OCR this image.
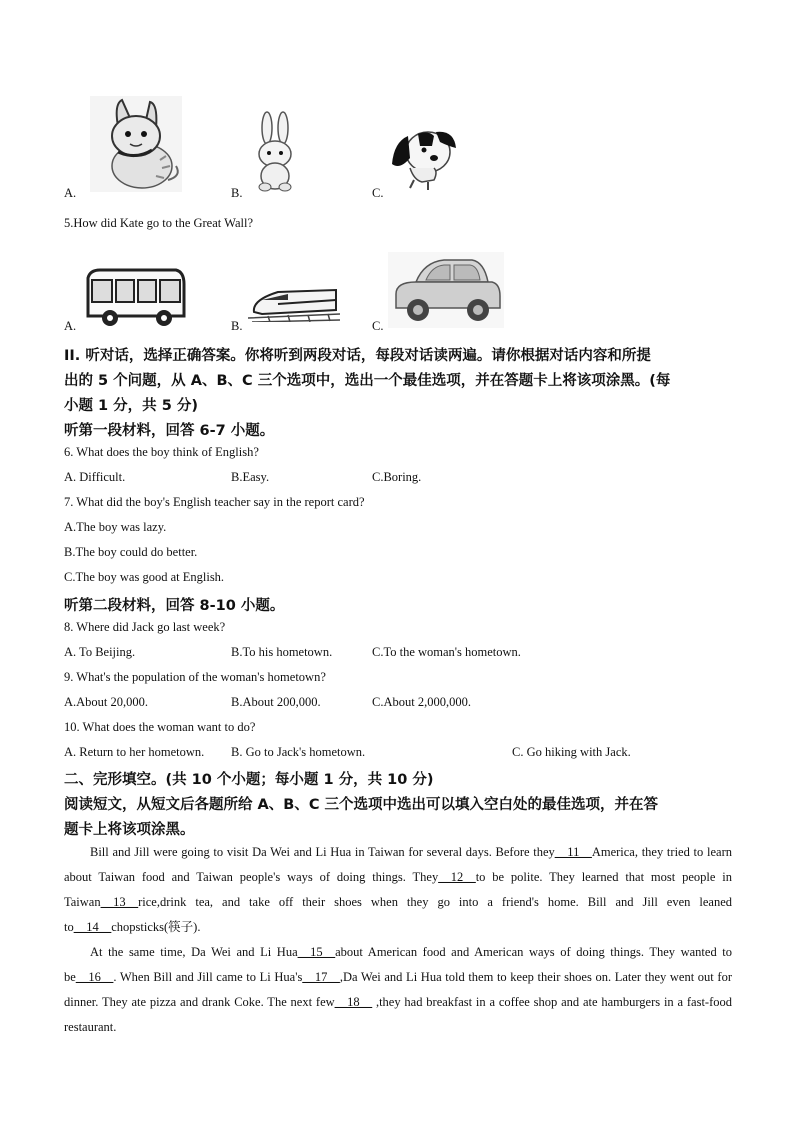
A.	B.	C.
5.How did Kate go to the Great Wall?
A.	B.	C.
II. 听对话，选择正确答案。你将听到两段对话，每段对话读两遍。请你根据对话内容和所提
出的 5 个问题，从 A、B、C 三个选项中，选出一个最佳选项，并在答题卡上将该项涂黑。(每
小题 1 分，共 5 分)
听第一段材料，回答 6-7 小题。
6. What does the boy think of English?
A. Difficult.	B.Easy.	C.Boring.
7. What did the boy's English teacher say in the report card?
A.The boy was lazy.
B.The boy could do better.
C.The boy was good at English.
听第二段材料，回答 8-10 小题。
8. Where did Jack go last week?
A. To Beijing.	B.To his hometown.	C.To the woman's hometown.
9. What's the population of the woman's hometown?
A.About 20,000.	B.About 200,000.	C.About 2,000,000.
10. What does the woman want to do?
A. Return to her hometown. B. Go to Jack's hometown.	C. Go hiking with Jack.
二、完形填空。(共 10 个小题；每小题 1 分，共 10 分)
阅读短文，从短文后各题所给 A、B、C 三个选项中选出可以填入空白处的最佳选项，并在答
题卡上将该项涂黑。

Bill and Jill were going to visit Da Wei and Li Hua in Taiwan for several days. Before they__11__America, they tried to learn about Taiwan food and Taiwan people's ways of doing things. They__12__to be polite. They learned that most people in Taiwan__13__rice,drink tea, and take off their shoes when they go into a friend's home. Bill and Jill even leaned to__14__chopsticks(筷子).

At the same time, Da Wei and Li Hua__15__about American food and American ways of doing things. They wanted to be__16__. When Bill and Jill came to Li Hua's__17__,Da Wei and Li Hua told them to keep their shoes on. Later they went out for dinner. They ate pizza and drank Coke. The next few__18__ ,they had breakfast in a coffee shop and ate hamburgers in a fast-food restaurant.
